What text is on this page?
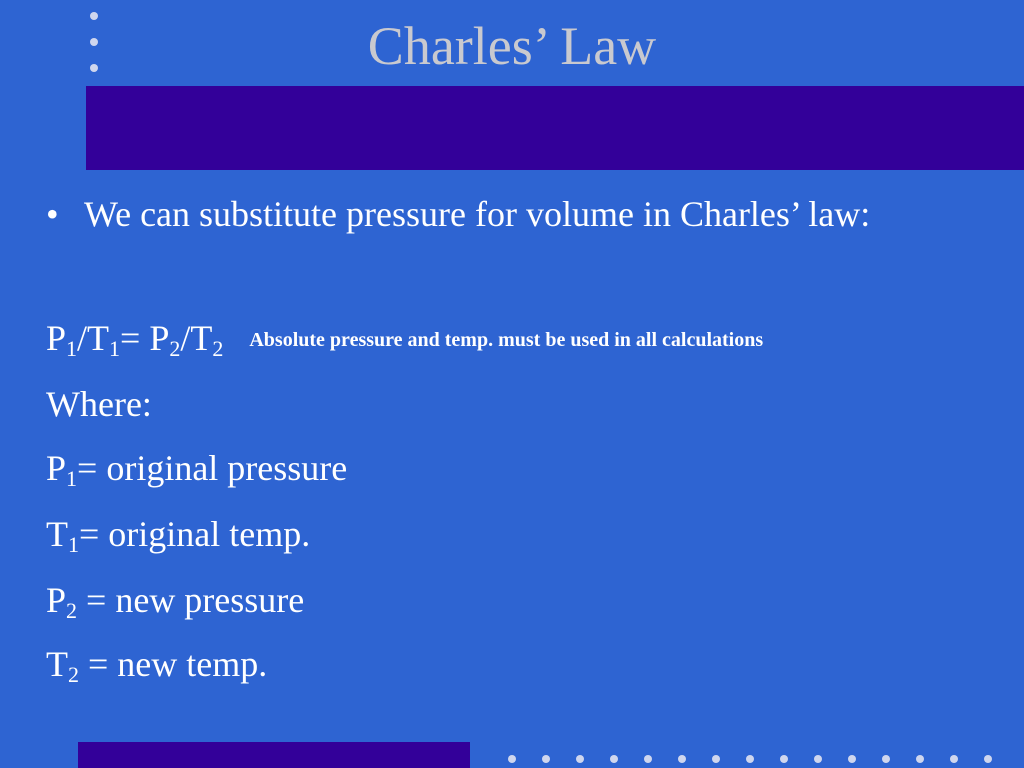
Charles’ Law
• We can substitute pressure for volume in Charles’ law:
$P_1/T_1= P_2/T_2$ Absolute pressure and temp. must be used in all calculations
Where:
$P_1=$ original pressure
$T_1=$ original temp.
$P_2$ = new pressure
$T_2$ = new temp.
